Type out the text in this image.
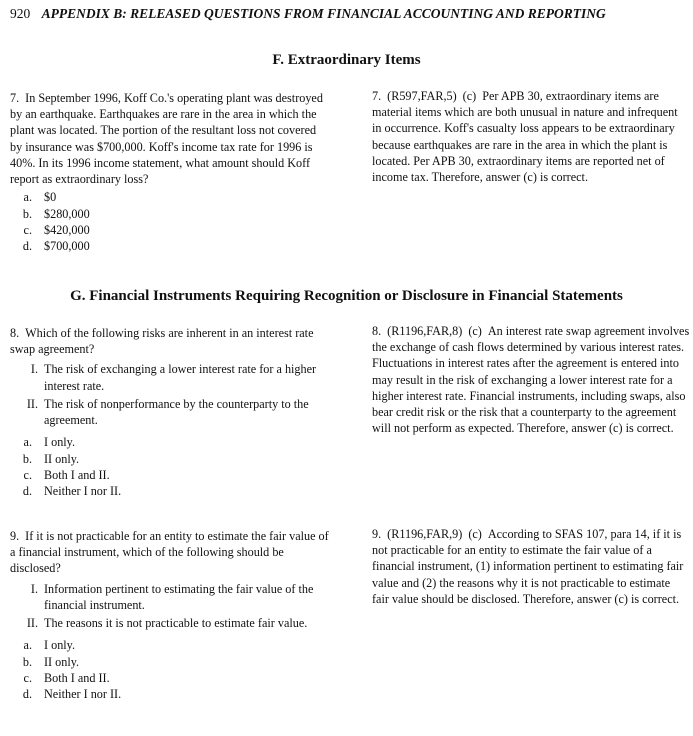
920 APPENDIX B: RELEASED QUESTIONS FROM FINANCIAL ACCOUNTING AND REPORTING
F. Extraordinary Items

7. In September 1996, Koff Co.'s operating plant was destroyed by an earthquake. Earthquakes are rare in the area in which the plant was located. The portion of the resultant loss not covered by insurance was $700,000. Koff's income tax rate for 1996 is 40%. In its 1996 income statement, what amount should Koff report as extraordinary loss?

a. $0
b. $280,000
c. $420,000
d. $700,000

7. (R597,FAR,5) (c) Per APB 30, extraordinary items are material items which are both unusual in nature and infrequent in occurrence. Koff's casualty loss appears to be extraordinary because earthquakes are rare in the area in which the plant is located. Per APB 30, extraordinary items are reported net of income tax. Therefore, answer (c) is correct.

G. Financial Instruments Requiring Recognition or Disclosure in Financial Statements

8. Which of the following risks are inherent in an interest rate swap agreement?

I. The risk of exchanging a lower interest rate for a higher interest rate.
II. The risk of nonperformance by the counterparty to the agreement.
a. I only.
b. II only.
c. Both I and II.
d. Neither I nor II.

8. (R1196,FAR,8) (c) An interest rate swap agreement involves the exchange of cash flows determined by various interest rates. Fluctuations in interest rates after the agreement is entered into may result in the risk of exchanging a lower interest rate for a higher interest rate. Financial instruments, including swaps, also bear credit risk or the risk that a counterparty to the agreement will not perform as expected. Therefore, answer (c) is correct.

9. If it is not practicable for an entity to estimate the fair value of a financial instrument, which of the following should be disclosed?

I. Information pertinent to estimating the fair value of the financial instrument.
II. The reasons it is not practicable to estimate fair value.
a. I only.
b. II only.
c. Both I and II.
d. Neither I nor II.

9. (R1196,FAR,9) (c) According to SFAS 107, para 14, if it is not practicable for an entity to estimate the fair value of a financial instrument, (1) information pertinent to estimating fair value and (2) the reasons why it is not practicable to estimate fair value should be disclosed. Therefore, answer (c) is correct.
